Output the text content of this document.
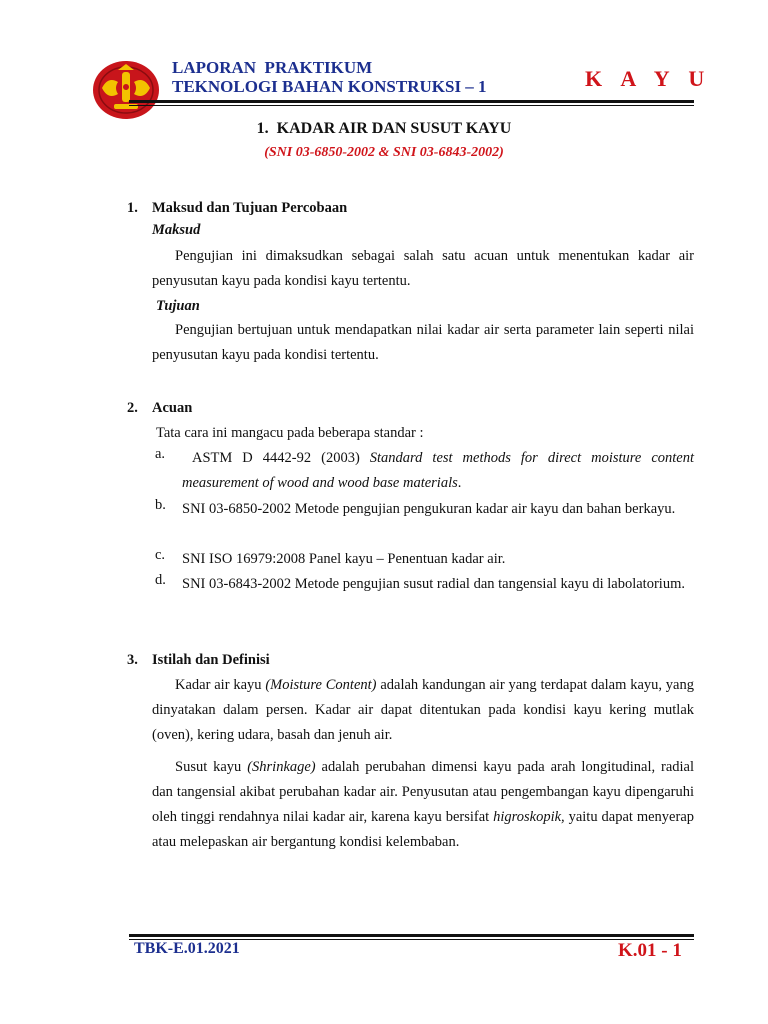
LAPORAN  PRAKTIKUM
TEKNOLOGI BAHAN KONSTRUKSI – 1	K A Y U
1.  KADAR AIR DAN SUSUT KAYU
(SNI 03-6850-2002 & SNI 03-6843-2002)
1. Maksud dan Tujuan Percobaan
Maksud
Pengujian ini dimaksudkan sebagai salah satu acuan untuk menentukan kadar air penyusutan kayu pada kondisi kayu tertentu.
Tujuan
Pengujian bertujuan untuk mendapatkan nilai kadar air serta parameter lain seperti nilai penyusutan kayu pada kondisi tertentu.
2. Acuan
Tata cara ini mangacu pada beberapa standar :
a.	ASTM D 4442-92 (2003) Standard test methods for direct moisture content measurement of wood and wood base materials.
b. SNI 03-6850-2002 Metode pengujian pengukuran kadar air kayu dan bahan berkayu.
c. SNI ISO 16979:2008 Panel kayu – Penentuan kadar air.
d. SNI 03-6843-2002 Metode pengujian susut radial dan tangensial kayu di labolatorium.
3. Istilah dan Definisi
Kadar air kayu (Moisture Content) adalah kandungan air yang terdapat dalam kayu, yang dinyatakan dalam persen. Kadar air dapat ditentukan pada kondisi kayu kering mutlak (oven), kering udara, basah dan jenuh air.
Susut kayu (Shrinkage) adalah perubahan dimensi kayu pada arah longitudinal, radial dan tangensial akibat perubahan kadar air. Penyusutan atau pengembangan kayu dipengaruhi oleh tinggi rendahnya nilai kadar air, karena kayu bersifat higroskopik, yaitu dapat menyerap atau melepaskan air bergantung kondisi kelembaban.
TBK-E.01.2021	K.01 - 1
